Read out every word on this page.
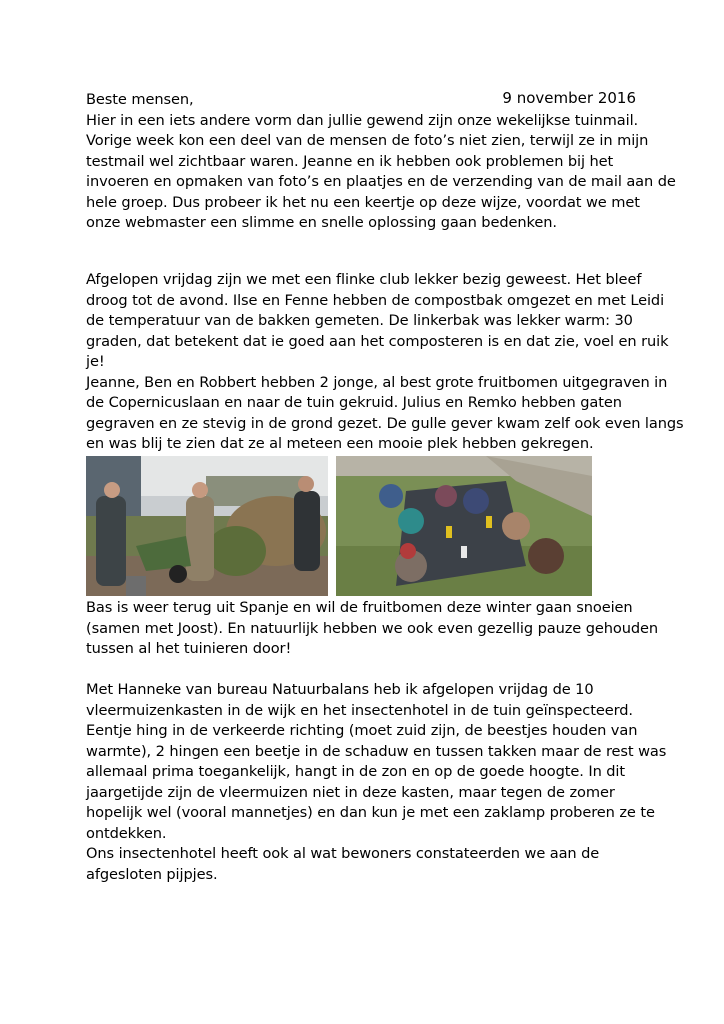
9 november 2016
Beste mensen,
Hier in een iets andere vorm dan jullie gewend zijn onze wekelijkse tuinmail.
Vorige week kon een deel van de mensen de foto’s niet zien, terwijl ze in mijn
testmail wel zichtbaar waren. Jeanne en ik hebben ook problemen bij het
invoeren en opmaken van foto’s en plaatjes en de verzending van de mail aan de
hele groep. Dus probeer ik het nu een keertje op deze wijze, voordat we met
onze webmaster een slimme en snelle oplossing gaan bedenken.
Afgelopen vrijdag zijn we met een flinke club lekker bezig geweest. Het bleef
droog tot de avond. Ilse en Fenne hebben de compostbak omgezet en met Leidi
de temperatuur van de bakken gemeten. De linkerbak was lekker warm: 30
graden, dat betekent dat ie goed aan het composteren is en dat zie, voel en ruik
je!
Jeanne, Ben en Robbert hebben 2 jonge, al best grote fruitbomen uitgegraven in
de Copernicuslaan en naar de tuin gekruid. Julius en Remko hebben gaten
gegraven en ze stevig in de grond gezet. De gulle gever kwam zelf ook even langs
en was blij te zien dat ze al meteen een mooie plek hebben gekregen.
Bas is weer terug uit Spanje en wil de fruitbomen deze winter gaan snoeien
(samen met Joost). En natuurlijk hebben we ook even gezellig pauze gehouden
tussen al het tuinieren door!
Met Hanneke van bureau Natuurbalans heb ik afgelopen vrijdag de 10
vleermuizenkasten in de wijk en het insectenhotel in de tuin geïnspecteerd.
Eentje hing in de verkeerde richting (moet zuid zijn, de beestjes houden van
warmte), 2 hingen een beetje in de schaduw en tussen takken maar de rest was
allemaal prima toegankelijk, hangt in de zon en op de goede hoogte. In dit
jaargetijde zijn de vleermuizen niet in deze kasten, maar tegen de zomer
hopelijk wel (vooral mannetjes) en dan kun je met een zaklamp proberen ze te
ontdekken.
Ons insectenhotel heeft ook al wat bewoners constateerden we aan de
afgesloten pijpjes.
